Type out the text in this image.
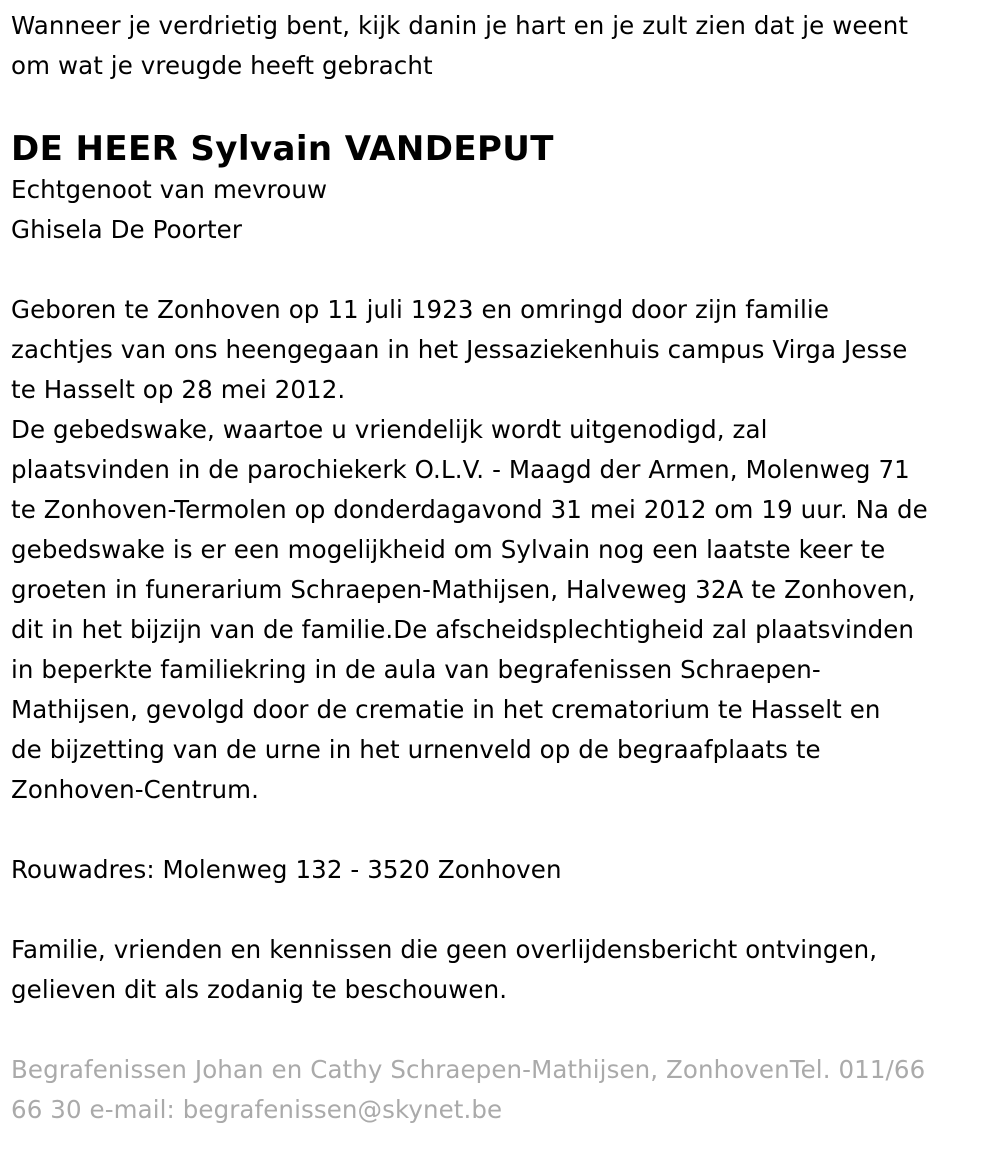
Wanneer je verdrietig bent, kijk danin je hart en je zult zien dat je weent
om wat je vreugde heeft gebracht
DE HEER Sylvain VANDEPUT
Echtgenoot van mevrouw
Ghisela De Poorter
Geboren te Zonhoven op 11 juli 1923 en omringd door zijn familie
zachtjes van ons heengegaan in het Jessaziekenhuis campus Virga Jesse
te Hasselt op 28 mei 2012.
De gebedswake, waartoe u vriendelijk wordt uitgenodigd, zal
plaatsvinden in de parochiekerk O.L.V. - Maagd der Armen, Molenweg 71
te Zonhoven-Termolen op donderdagavond 31 mei 2012 om 19 uur. Na de
gebedswake is er een mogelijkheid om Sylvain nog een laatste keer te
groeten in funerarium Schraepen-Mathijsen, Halveweg 32A te Zonhoven,
dit in het bijzijn van de familie.De afscheidsplechtigheid zal plaatsvinden
in beperkte familiekring in de aula van begrafenissen Schraepen-
Mathijsen, gevolgd door de crematie in het crematorium te Hasselt en
de bijzetting van de urne in het urnenveld op de begraafplaats te
Zonhoven-Centrum.
Rouwadres: Molenweg 132 - 3520 Zonhoven
Familie, vrienden en kennissen die geen overlijdensbericht ontvingen,
gelieven dit als zodanig te beschouwen.
Begrafenissen Johan en Cathy Schraepen-Mathijsen, ZonhovenTel. 011/66
66 30 e-mail: begrafenissen@skynet.be
